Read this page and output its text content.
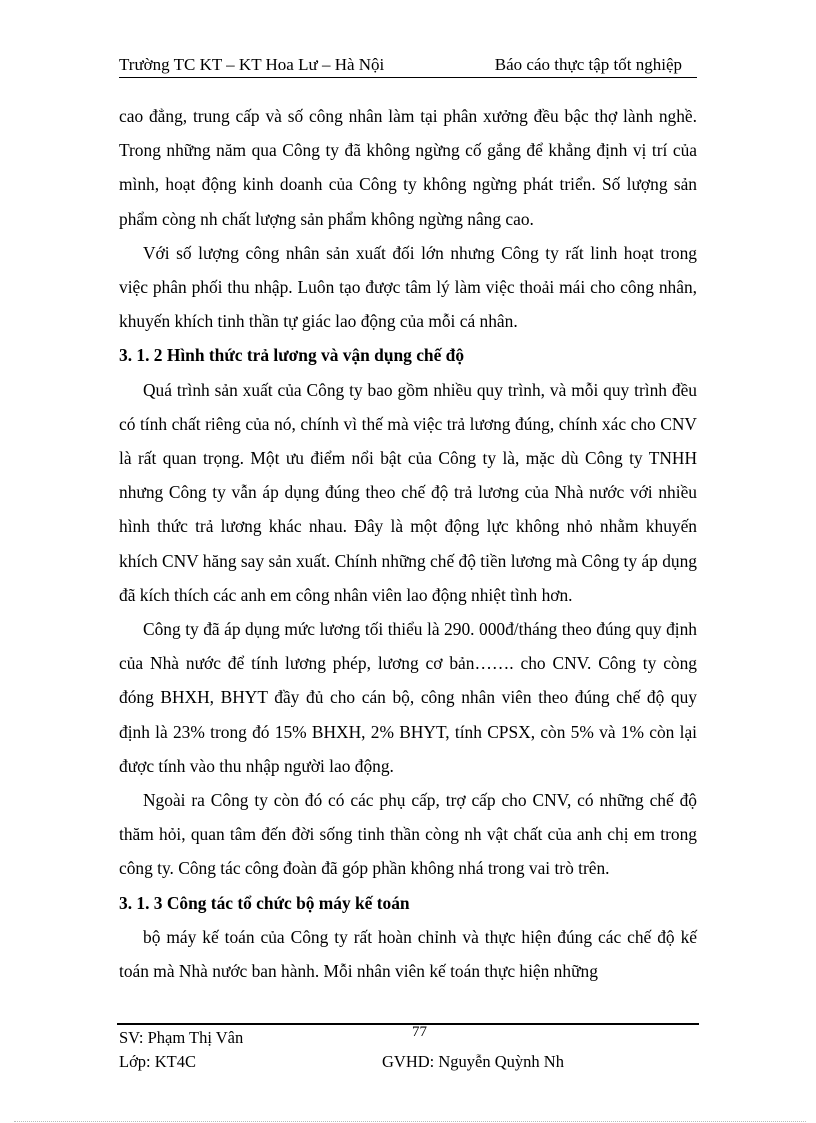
Trường TC KT – KT Hoa Lư – Hà Nội	Báo cáo thực tập tốt nghiệp

cao đẳng, trung cấp và số công nhân làm tại phân xưởng đều bậc thợ lành nghề. Trong những năm qua Công ty đã không ngừng cố gắng để khẳng định vị trí của mình, hoạt động kinh doanh của Công ty không ngừng phát triển. Số lượng sản phẩm còng nh chất lượng sản phẩm không ngừng nâng cao.

Với số lượng công nhân sản xuất đối lớn nhưng Công ty rất linh hoạt trong việc phân phối thu nhập. Luôn tạo được tâm lý làm việc thoải mái cho công nhân, khuyến khích tinh thần tự giác lao động của mỗi cá nhân.

3. 1. 2 Hình thức trả lương và vận dụng chế độ

Quá trình sản xuất của Công ty bao gồm nhiều quy trình, và mỗi quy trình đều có tính chất riêng của nó, chính vì thế mà việc trả lương đúng, chính xác cho CNV là rất quan trọng. Một ưu điểm nổi bật của Công ty là, mặc dù Công ty TNHH nhưng Công ty vẫn áp dụng đúng theo chế độ trả lương của Nhà nước với nhiều hình thức trả lương khác nhau. Đây là một động lực không nhỏ nhằm khuyến khích CNV hăng say sản xuất. Chính những chế độ tiền lương mà Công ty áp dụng đã kích thích các anh em công nhân viên lao động nhiệt tình hơn.

Công ty đã áp dụng mức lương tối thiểu là 290. 000đ/tháng theo đúng quy định của Nhà nước để tính lương phép, lương cơ bản……. cho CNV. Công ty còng đóng BHXH, BHYT đầy đủ cho cán bộ, công nhân viên theo đúng chế độ quy định là 23% trong đó 15% BHXH, 2% BHYT, tính CPSX, còn 5% và 1% còn lại được tính vào thu nhập người lao động.

Ngoài ra Công ty còn đó có các phụ cấp, trợ cấp cho CNV, có những chế độ thăm hỏi, quan tâm đến đời sống tinh thần còng nh vật chất của anh chị em trong công ty. Công tác công đoàn đã góp phần không nhá trong vai trò trên.

3. 1. 3 Công tác tổ chức bộ máy kế toán

bộ máy kế toán của Công ty rất hoàn chỉnh và thực hiện đúng các chế độ kế toán mà Nhà nước ban hành. Mỗi nhân viên kế toán thực hiện những

SV: Phạm Thị Vân	77
Lớp: KT4C	GVHD: Nguyễn Quỳnh Nh
